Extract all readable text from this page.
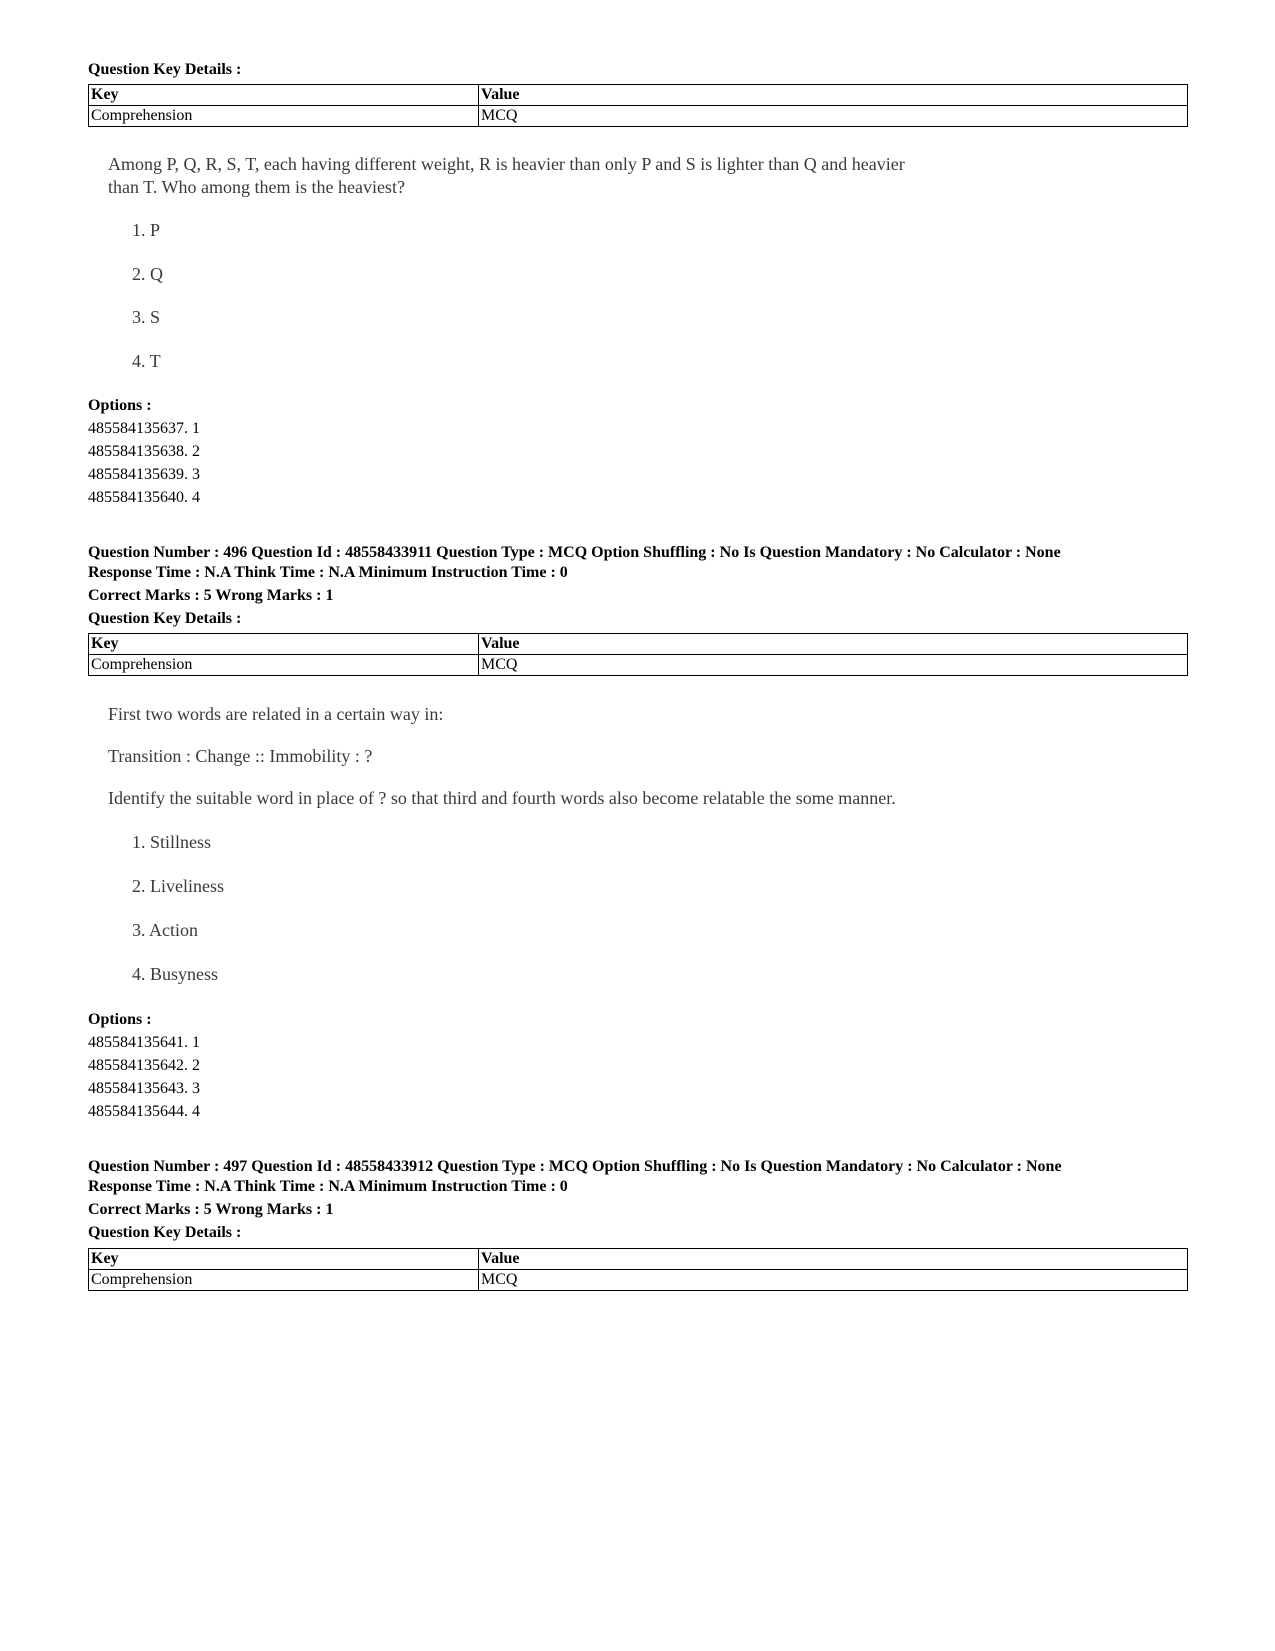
Question Key Details :
Key	Value
Comprehension	MCQ
Among P, Q, R, S, T, each having different weight, R is heavier than only P and S is lighter than Q and heavier
than T. Who among them is the heaviest?
1. P
2. Q
3. S
4. T
Options :
485584135637. 1
485584135638. 2
485584135639. 3
485584135640. 4
Question Number : 496 Question Id : 48558433911 Question Type : MCQ Option Shuffling : No Is Question Mandatory : No Calculator : None
Response Time : N.A Think Time : N.A Minimum Instruction Time : 0
Correct Marks : 5 Wrong Marks : 1
Question Key Details :
Key	Value
Comprehension	MCQ
First two words are related in a certain way in:
Transition : Change :: Immobility : ?
Identify the suitable word in place of ? so that third and fourth words also become relatable the some manner.
1. Stillness
2. Liveliness
3. Action
4. Busyness
Options :
485584135641. 1
485584135642. 2
485584135643. 3
485584135644. 4
Question Number : 497 Question Id : 48558433912 Question Type : MCQ Option Shuffling : No Is Question Mandatory : No Calculator : None
Response Time : N.A Think Time : N.A Minimum Instruction Time : 0
Correct Marks : 5 Wrong Marks : 1
Question Key Details :
Key	Value
Comprehension	MCQ
